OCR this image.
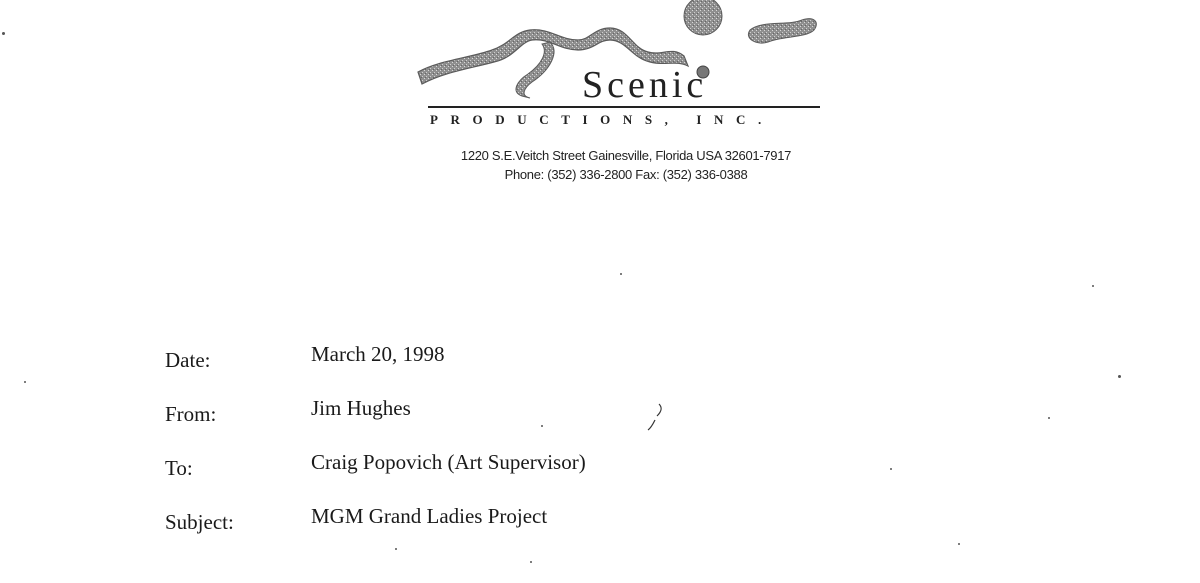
Scenic
PRODUCTIONS, INC.
1220 S.E.Veitch Street Gainesville, Florida USA 32601-7917
Phone: (352) 336-2800 Fax: (352) 336-0388
Date:	March 20, 1998
From:	Jim Hughes
To:	Craig Popovich (Art Supervisor)
Subject:	MGM Grand Ladies Project
